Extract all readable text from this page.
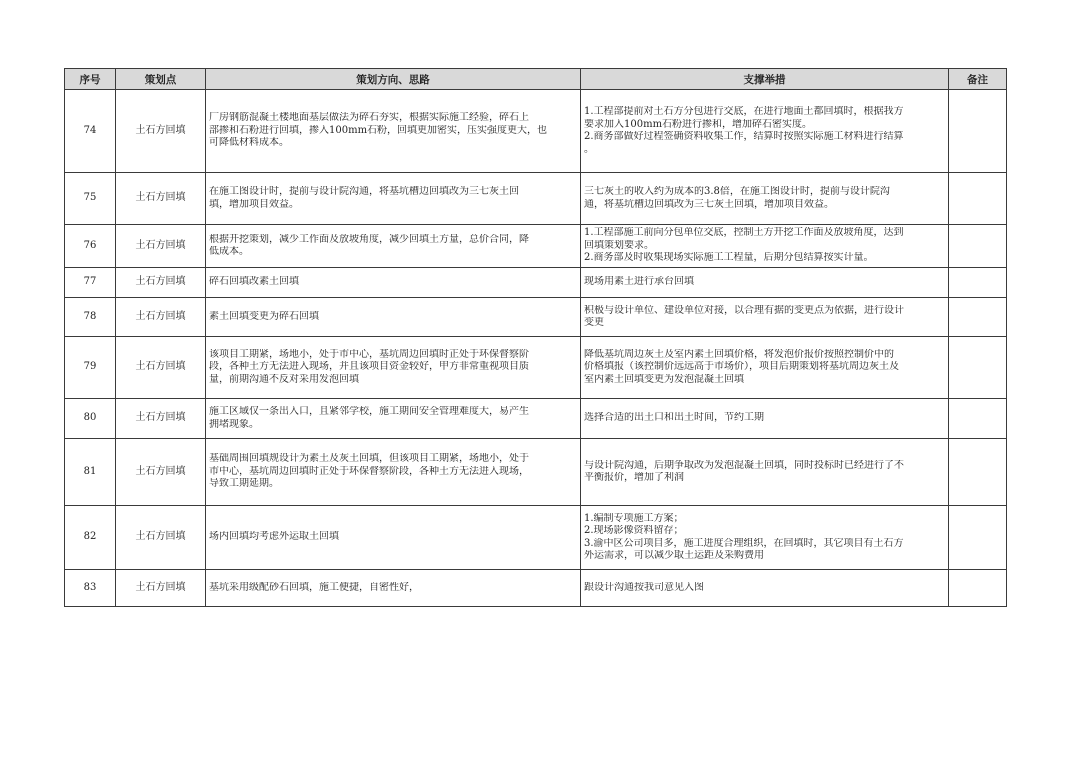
序号	策划点	策划方向、思路	支撑举措	备注
74	土石方回填	厂房钢筋混凝土楼地面基层做法为碎石夯实，根据实际施工经验，碎石上
部掺和石粉进行回填，掺入100mm石粉，回填更加密实，压实强度更大，也
可降低材料成本。	1.工程部提前对土石方分包进行交底，在进行地面土都回填时，根据我方
要求加入100mm石粉进行掺和，增加碎石密实度。
2.商务部做好过程签确资料收集工作，结算时按照实际施工材料进行结算
。	

75	土石方回填	在施工图设计时，提前与设计院沟通，将基坑槽边回填改为三七灰土回
填，增加项目效益。	三七灰土的收入约为成本的3.8倍，在施工图设计时，提前与设计院沟
通，将基坑槽边回填改为三七灰土回填，增加项目效益。	

76	土石方回填	根据开挖策划，减少工作面及放坡角度，减少回填土方量，总价合同，降
低成本。	1.工程部施工前向分包单位交底，控制土方开挖工作面及放坡角度，达到
回填策划要求。
2.商务部及时收集现场实际施工工程量，后期分包结算按实计量。	

77	土石方回填	碎石回填改素土回填	现场用素土进行承台回填	

78	土石方回填	素土回填变更为碎石回填	积极与设计单位、建设单位对接，以合理有据的变更点为依据，进行设计
变更	

79	土石方回填	该项目工期紧，场地小，处于市中心，基坑周边回填时正处于环保督察阶
段，各种土方无法进入现场，并且该项目资金较好，甲方非常重视项目质
量，前期沟通不反对采用发泡回填	降低基坑周边灰土及室内素土回填价格，将发泡价报价按照控制价中的
价格填报（该控制价远远高于市场价），项目后期策划将基坑周边灰土及
室内素土回填变更为发泡混凝土回填	

80	土石方回填	施工区域仅一条出入口，且紧邻学校，施工期间安全管理难度大，易产生
拥堵现象。	选择合适的出土口和出土时间，节约工期	

81	土石方回填	基础周围回填规设计为素土及灰土回填，但该项目工期紧，场地小，处于
市中心，基坑周边回填时正处于环保督察阶段，各种土方无法进入现场，
导致工期延期。	与设计院沟通，后期争取改为发泡混凝土回填，同时投标时已经进行了不
平衡报价，增加了利润	

82	土石方回填	场内回填均考虑外运取土回填	1.编制专项施工方案；
2.现场影像资料留存；
3.渝中区公司项目多，施工进度合理组织，在回填时，其它项目有土石方
外运需求，可以减少取土运距及采购费用	

83	土石方回填	基坑采用级配砂石回填，施工便捷，自密性好，	跟设计沟通按我司意见入图	
